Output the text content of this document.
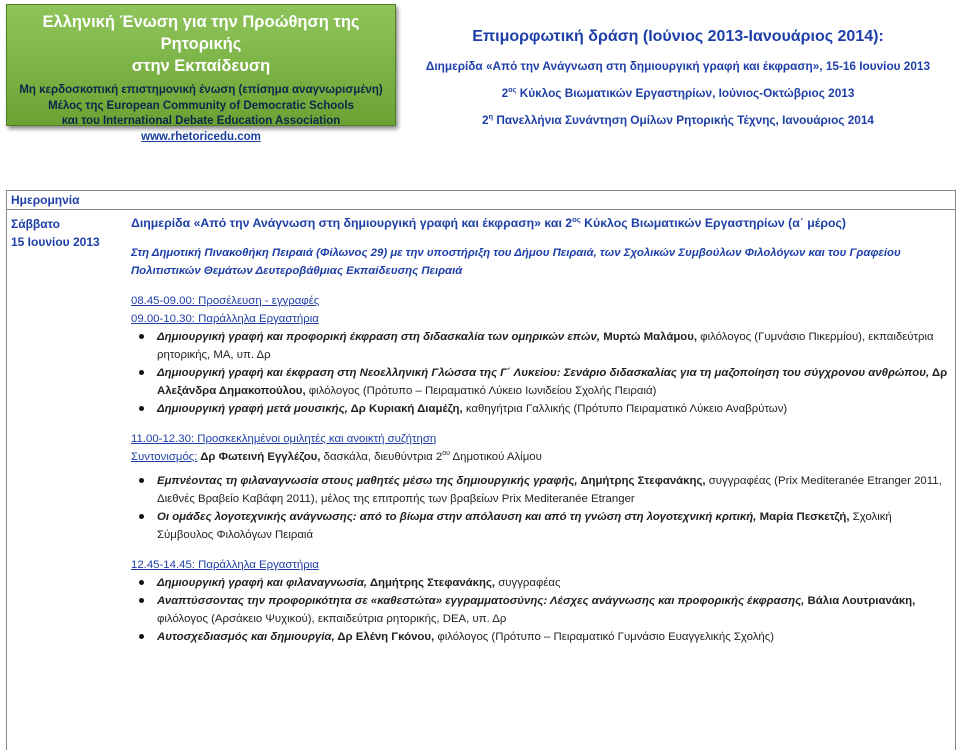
Ελληνική Ένωση για την Προώθηση της Ρητορικής
στην Εκπαίδευση
Μη κερδοσκοπική επιστημονική ένωση (επίσημα αναγνωρισμένη)
Μέλος της European Community of Democratic Schools
και του International Debate Education Association
www.rhetoricedu.com
Επιμορφωτική δράση (Ιούνιος 2013-Ιανουάριος 2014):
Διημερίδα «Από την Ανάγνωση στη δημιουργική γραφή και έκφραση», 15-16 Ιουνίου 2013
$2^{o\varsigma}$ Κύκλος Βιωματικών Εργαστηρίων, Ιούνιος-Οκτώβριος 2013
$2^\eta$ Πανελλήνια Συνάντηση Ομίλων Ρητορικής Τέχνης, Ιανουάριος 2014
Ημερομηνία
Σάββατο
15 Ιουνίου 2013
Διημερίδα «Από την Ανάγνωση στη δημιουργική γραφή και έκφραση» και $2^{o\varsigma}$ Κύκλος Βιωματικών Εργαστηρίων (α΄ μέρος)
Στη Δημοτική Πινακοθήκη Πειραιά (Φίλωνος 29) με την υποστήριξη του Δήμου Πειραιά, των Σχολικών Συμβούλων Φιλολόγων και του Γραφείου Πολιτιστικών Θεμάτων Δευτεροβάθμιας Εκπαίδευσης Πειραιά
08.45-09.00: Προσέλευση - εγγραφές
09.00-10.30: Παράλληλα Εργαστήρια
Δημιουργική γραφή και προφορική έκφραση στη διδασκαλία των ομηρικών επών, Μυρτώ Μαλάμου, φιλόλογος (Γυμνάσιο Πικερμίου), εκπαιδεύτρια ρητορικής, MA, υπ. Δρ
Δημιουργική γραφή και έκφραση στη Νεοελληνική Γλώσσα της Γ΄ Λυκείου: Σενάριο διδασκαλίας για τη μαζοποίηση του σύγχρονου ανθρώπου, Δρ Αλεξάνδρα Δημακοπούλου, φιλόλογος (Πρότυπο – Πειραματικό Λύκειο Ιωνιδείου Σχολής Πειραιά)
Δημιουργική γραφή μετά μουσικής, Δρ Κυριακή Διαμέζη, καθηγήτρια Γαλλικής (Πρότυπο Πειραματικό Λύκειο Αναβρύτων)
11.00-12.30: Προσκεκλημένοι ομιλητές και ανοικτή συζήτηση
Συντονισμός: Δρ Φωτεινή Εγγλέζου, δασκάλα, διευθύντρια $2^{o\upsilon}$ Δημοτικού Αλίμου
Εμπνέοντας τη φιλαναγνωσία στους μαθητές μέσω της δημιουργικής γραφής, Δημήτρης Στεφανάκης, συγγραφέας (Prix Mediteranée Etranger 2011, Διεθνές Βραβείο Καβάφη 2011), μέλος της επιτροπής των βραβείων Prix Mediteranée Etranger
Οι ομάδες λογοτεχνικής ανάγνωσης: από το βίωμα στην απόλαυση και από τη γνώση στη λογοτεχνική κριτική, Μαρία Πεσκετζή, Σχολική Σύμβουλος Φιλολόγων Πειραιά
12.45-14.45: Παράλληλα Εργαστήρια
Δημιουργική γραφή και φιλαναγνωσία, Δημήτρης Στεφανάκης, συγγραφέας
Αναπτύσσοντας την προφορικότητα σε «καθεστώτα» εγγραμματοσύνης: Λέσχες ανάγνωσης και προφορικής έκφρασης, Βάλια Λουτριανάκη, φιλόλογος (Αρσάκειο Ψυχικού), εκπαιδεύτρια ρητορικής, DEA, υπ. Δρ
Αυτοσχεδιασμός και δημιουργία, Δρ Ελένη Γκόνου, φιλόλογος (Πρότυπο – Πειραματικό Γυμνάσιο Ευαγγελικής Σχολής)
